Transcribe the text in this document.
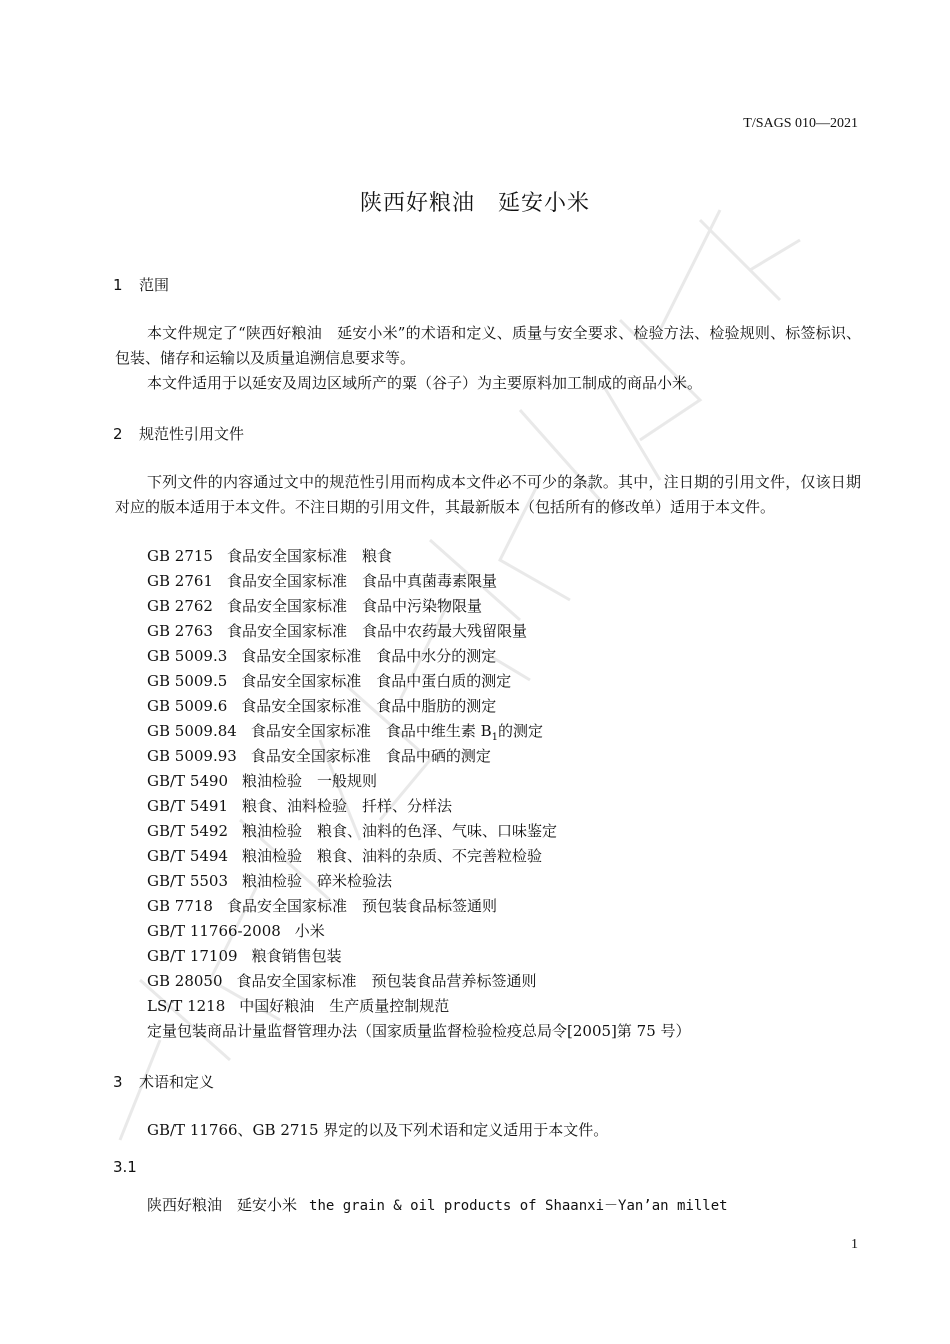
T/SAGS 010—2021
陕西好粮油　延安小米
1 范围
本文件规定了“陕西好粮油　延安小米”的术语和定义、质量与安全要求、检验方法、检验规则、标签标识、包装、储存和运输以及质量追溯信息要求等。
本文件适用于以延安及周边区域所产的粟（谷子）为主要原料加工制成的商品小米。
2 规范性引用文件
下列文件的内容通过文中的规范性引用而构成本文件必不可少的条款。其中，注日期的引用文件，仅该日期对应的版本适用于本文件。不注日期的引用文件，其最新版本（包括所有的修改单）适用于本文件。
GB 2715 食品安全国家标准　粮食
GB 2761 食品安全国家标准　食品中真菌毒素限量
GB 2762 食品安全国家标准　食品中污染物限量
GB 2763 食品安全国家标准　食品中农药最大残留限量
GB 5009.3 食品安全国家标准　食品中水分的测定
GB 5009.5 食品安全国家标准　食品中蛋白质的测定
GB 5009.6 食品安全国家标准　食品中脂肪的测定
GB 5009.84 食品安全国家标准　食品中维生素 $B_1$的测定
GB 5009.93 食品安全国家标准　食品中硒的测定
GB/T 5490 粮油检验　一般规则
GB/T 5491 粮食、油料检验　扦样、分样法
GB/T 5492 粮油检验　粮食、油料的色泽、气味、口味鉴定
GB/T 5494 粮油检验　粮食、油料的杂质、不完善粒检验
GB/T 5503 粮油检验　碎米检验法
GB 7718 食品安全国家标准　预包装食品标签通则
GB/T 11766-2008 小米
GB/T 17109 粮食销售包装
GB 28050 食品安全国家标准　预包装食品营养标签通则
LS/T 1218 中国好粮油　生产质量控制规范
定量包装商品计量监督管理办法（国家质量监督检验检疫总局令[2005]第 75 号）
3 术语和定义
GB/T 11766、GB 2715 界定的以及下列术语和定义适用于本文件。
3.1
陕西好粮油　延安小米 the grain & oil products of Shaanxi－Yan’an millet
1
